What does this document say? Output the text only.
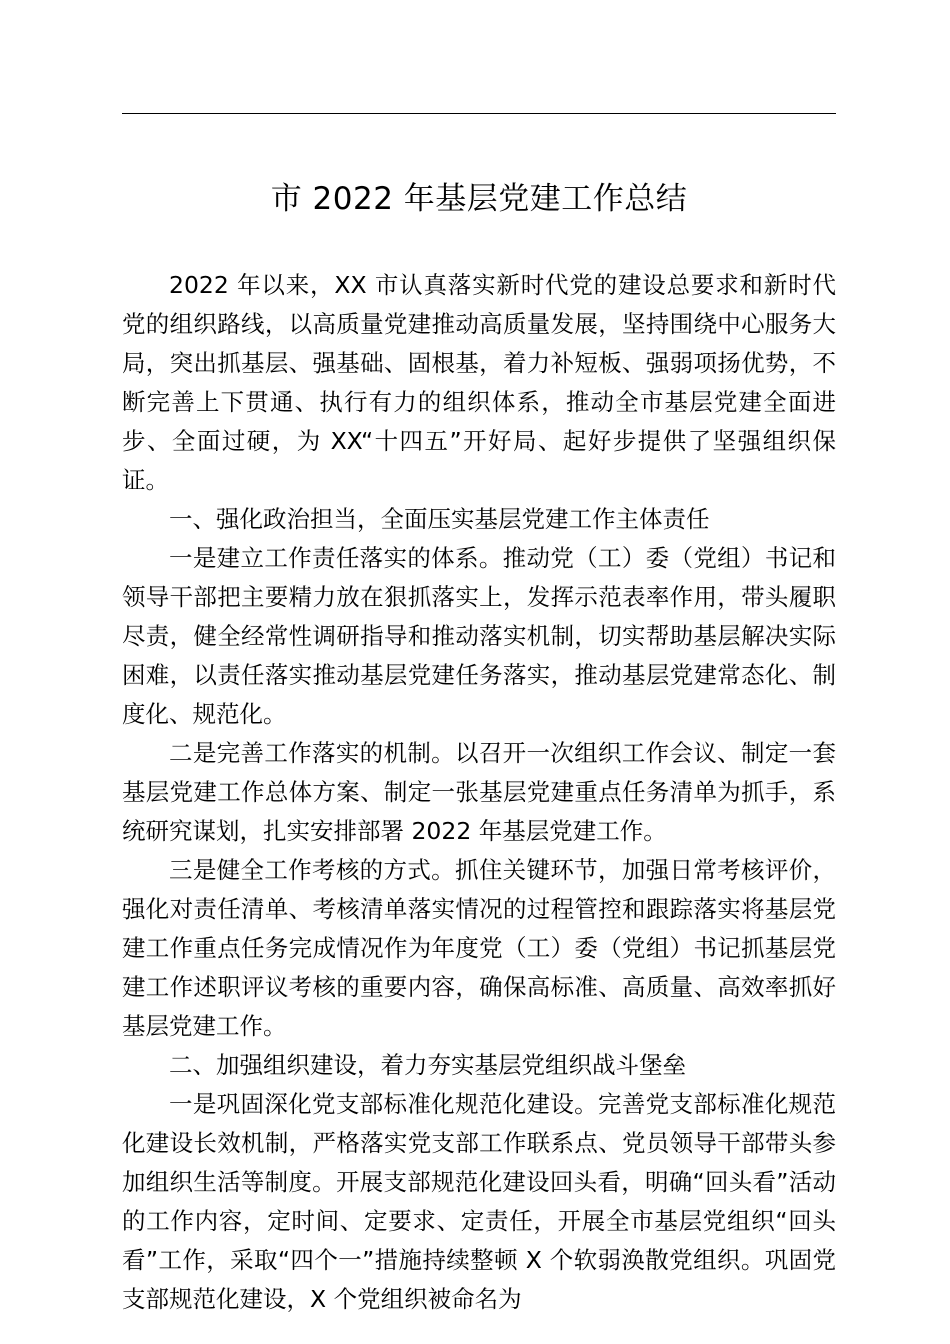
市 2022 年基层党建工作总结

2022 年以来，XX 市认真落实新时代党的建设总要求和新时代党的组织路线，以高质量党建推动高质量发展，坚持围绕中心服务大局，突出抓基层、强基础、固根基，着力补短板、强弱项扬优势，不断完善上下贯通、执行有力的组织体系，推动全市基层党建全面进步、全面过硬，为 XX“十四五”开好局、起好步提供了坚强组织保证。

一、强化政治担当，全面压实基层党建工作主体责任

一是建立工作责任落实的体系。推动党（工）委（党组）书记和领导干部把主要精力放在狠抓落实上，发挥示范表率作用，带头履职尽责，健全经常性调研指导和推动落实机制，切实帮助基层解决实际困难，以责任落实推动基层党建任务落实，推动基层党建常态化、制度化、规范化。

二是完善工作落实的机制。以召开一次组织工作会议、制定一套基层党建工作总体方案、制定一张基层党建重点任务清单为抓手，系统研究谋划，扎实安排部署 2022 年基层党建工作。

三是健全工作考核的方式。抓住关键环节，加强日常考核评价，强化对责任清单、考核清单落实情况的过程管控和跟踪落实将基层党建工作重点任务完成情况作为年度党（工）委（党组）书记抓基层党建工作述职评议考核的重要内容，确保高标准、高质量、高效率抓好基层党建工作。

二、加强组织建设，着力夯实基层党组织战斗堡垒

一是巩固深化党支部标准化规范化建设。完善党支部标准化规范化建设长效机制，严格落实党支部工作联系点、党员领导干部带头参加组织生活等制度。开展支部规范化建设回头看，明确“回头看”活动的工作内容，定时间、定要求、定责任，开展全市基层党组织“回头看”工作，采取“四个一”措施持续整顿 X 个软弱涣散党组织。巩固党支部规范化建设，X 个党组织被命名为
